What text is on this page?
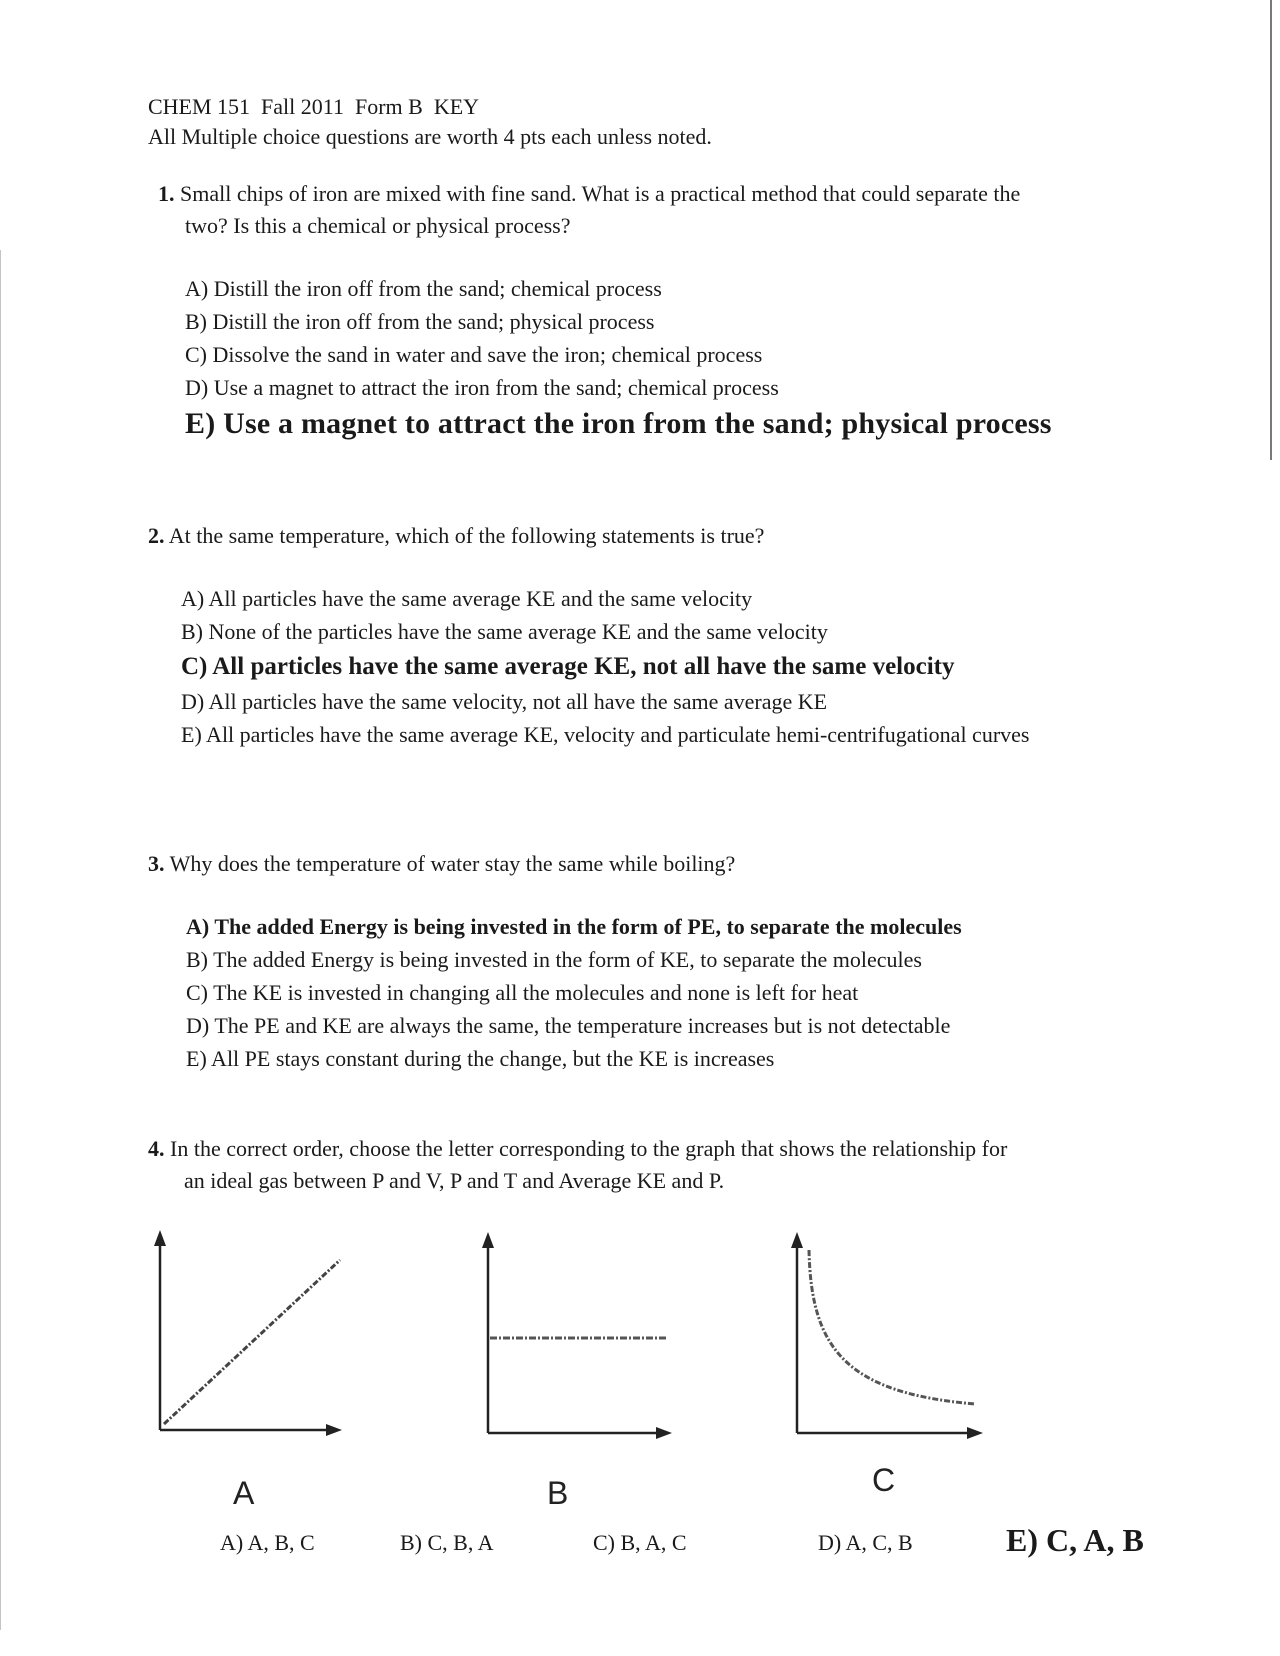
CHEM 151  Fall 2011  Form B  KEY
All Multiple choice questions are worth 4 pts each unless noted.
1. Small chips of iron are mixed with fine sand. What is a practical method that could separate the
two? Is this a chemical or physical process?
A) Distill the iron off from the sand; chemical process
B) Distill the iron off from the sand; physical process
C) Dissolve the sand in water and save the iron; chemical process
D) Use a magnet to attract the iron from the sand; chemical process
E) Use a magnet to attract the iron from the sand; physical process
2. At the same temperature, which of the following statements is true?
A) All particles have the same average KE and the same velocity
B) None of the particles have the same average KE and the same velocity
C) All particles have the same average KE, not all have the same velocity
D) All particles have the same velocity, not all have the same average KE
E) All particles have the same average KE, velocity and particulate hemi-centrifugational curves
3. Why does the temperature of water stay the same while boiling?
A) The added Energy is being invested in the form of PE, to separate the molecules
B) The added Energy is being invested in the form of KE, to separate the molecules
C) The KE is invested in changing all the molecules and none is left for heat
D) The PE and KE are always the same, the temperature increases but is not detectable
E) All PE stays constant during the change, but the KE is increases
4. In the correct order, choose the letter corresponding to the graph that shows the relationship for
an ideal gas between P and V, P and T and Average KE and P.
A	B	C
A) A, B, C	B) C, B, A	C) B, A, C	D) A, C, B	E) C, A, B
